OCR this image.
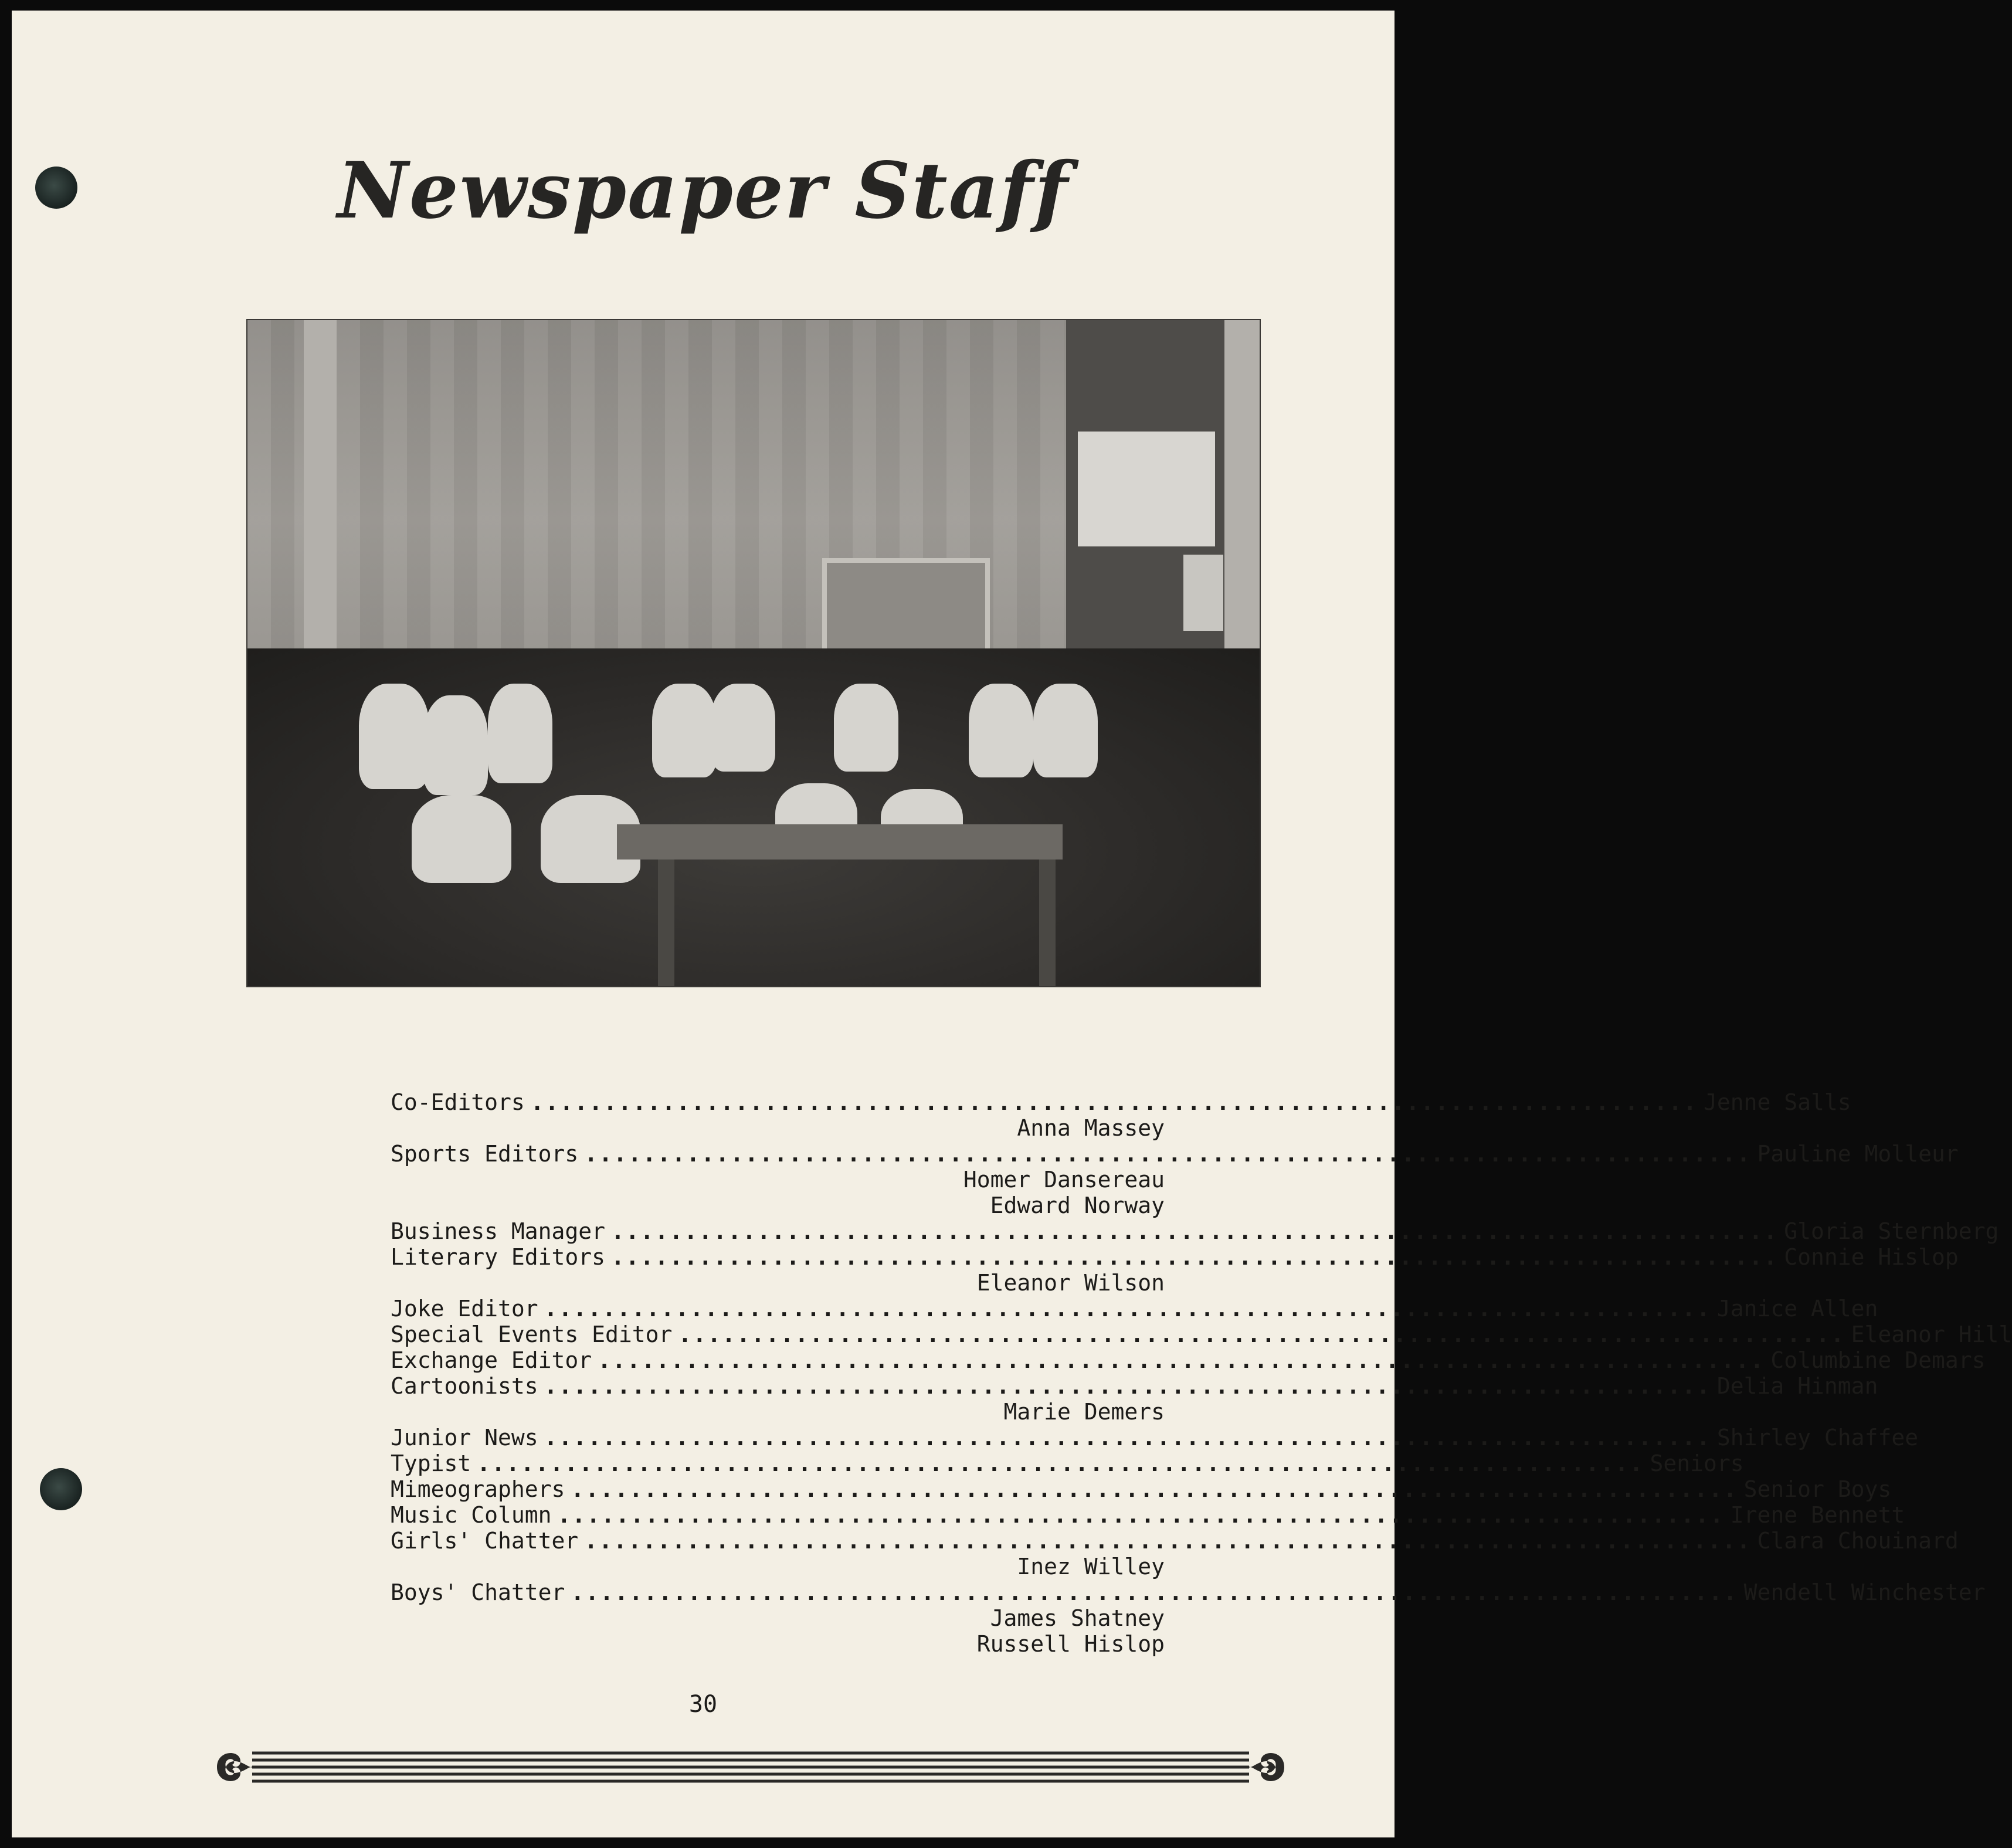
Newspaper Staff
Co-Editors ................................................................................ Jenne Salls
Anna Massey
Sports Editors ................................................................................ Pauline Molleur
Homer Dansereau
Edward Norway
Business Manager ................................................................................ Gloria Sternberg
Literary Editors ................................................................................ Connie Hislop
Eleanor Wilson
Joke Editor ................................................................................ Janice Allen
Special Events Editor ................................................................................ Eleanor Hill
Exchange Editor ................................................................................ Columbine Demars
Cartoonists ................................................................................ Delia Hinman
Marie Demers
Junior News ................................................................................ Shirley Chaffee
Typist ................................................................................ Seniors
Mimeographers ................................................................................ Senior Boys
Music Column ................................................................................ Irene Bennett
Girls' Chatter ................................................................................ Clara Chouinard
Inez Willey
Boys' Chatter ................................................................................ Wendell Winchester
James Shatney
Russell Hislop
30
